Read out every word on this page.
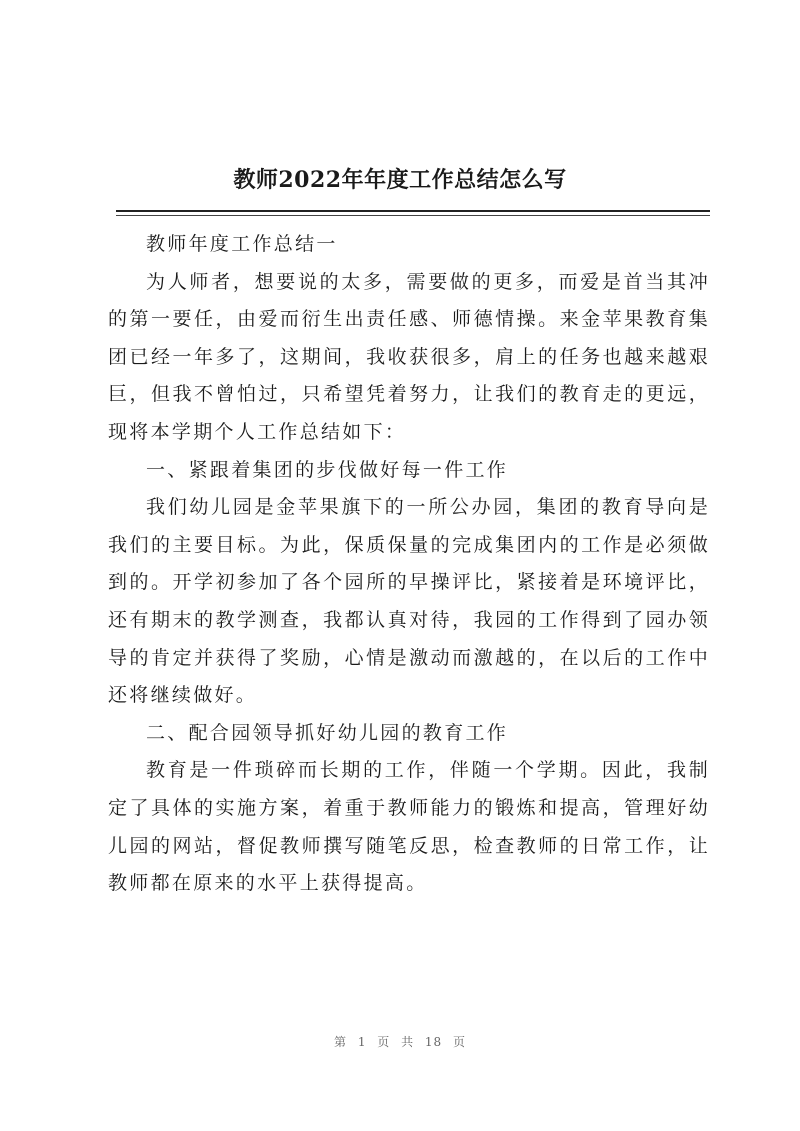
教师2022年年度工作总结怎么写

教师年度工作总结一

为人师者，想要说的太多，需要做的更多，而爱是首当其冲的第一要任，由爱而衍生出责任感、师德情操。来金苹果教育集团已经一年多了，这期间，我收获很多，肩上的任务也越来越艰巨，但我不曾怕过，只希望凭着努力，让我们的教育走的更远，现将本学期个人工作总结如下：

一、紧跟着集团的步伐做好每一件工作

我们幼儿园是金苹果旗下的一所公办园，集团的教育导向是我们的主要目标。为此，保质保量的完成集团内的工作是必须做到的。开学初参加了各个园所的早操评比，紧接着是环境评比，还有期末的教学测查，我都认真对待，我园的工作得到了园办领导的肯定并获得了奖励，心情是激动而激越的，在以后的工作中还将继续做好。

二、配合园领导抓好幼儿园的教育工作

教育是一件琐碎而长期的工作，伴随一个学期。因此，我制定了具体的实施方案，着重于教师能力的锻炼和提高，管理好幼儿园的网站，督促教师撰写随笔反思，检查教师的日常工作，让教师都在原来的水平上获得提高。

第 1 页 共 18 页
